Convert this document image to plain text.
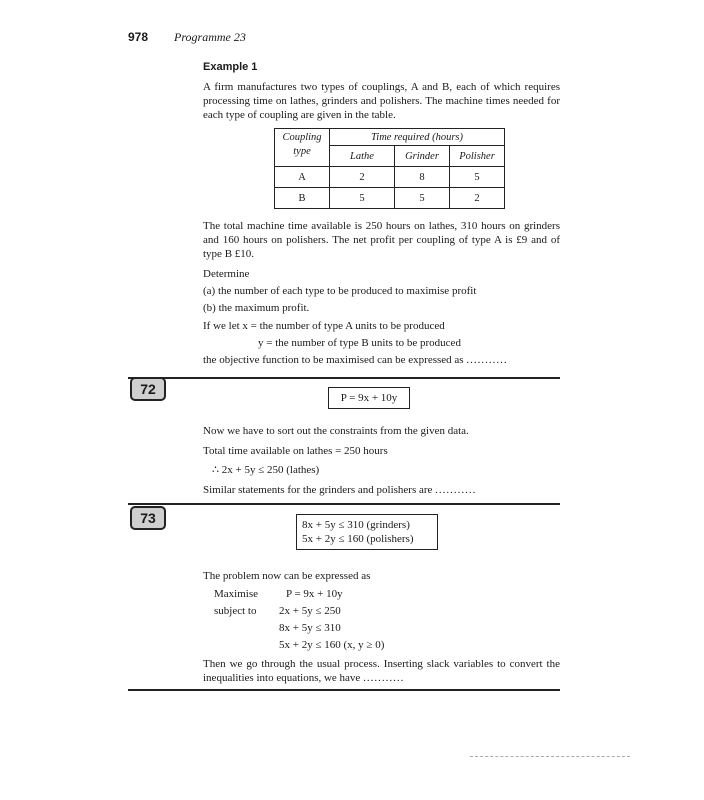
978 Programme 23
Example 1
A firm manufactures two types of couplings, A and B, each of which requires processing time on lathes, grinders and polishers. The machine times needed for each type of coupling are given in the table.
Coupling type	Time required (hours)		
	Lathe	Grinder	Polisher
A	2	8	5
B	5	5	2
The total machine time available is 250 hours on lathes, 310 hours on grinders and 160 hours on polishers. The net profit per coupling of type A is £9 and of type B £10.
Determine
(a) the number of each type to be produced to maximise profit
(b) the maximum profit.
If we let x = the number of type A units to be produced
y = the number of type B units to be produced
the objective function to be maximised can be expressed as ...........
72
P = 9x + 10y
Now we have to sort out the constraints from the given data.
Total time available on lathes = 250 hours
∴ 2x + 5y ≤ 250 (lathes)
Similar statements for the grinders and polishers are ...........
73	8x + 5y ≤ 310 (grinders)
5x + 2y ≤ 160 (polishers)
The problem now can be expressed as
Maximise	P = 9x + 10y
subject to 2x + 5y ≤ 250
8x + 5y ≤ 310
5x + 2y ≤ 160 (x, y ≥ 0)
Then we go through the usual process. Inserting slack variables to convert the inequalities into equations, we have ...........
